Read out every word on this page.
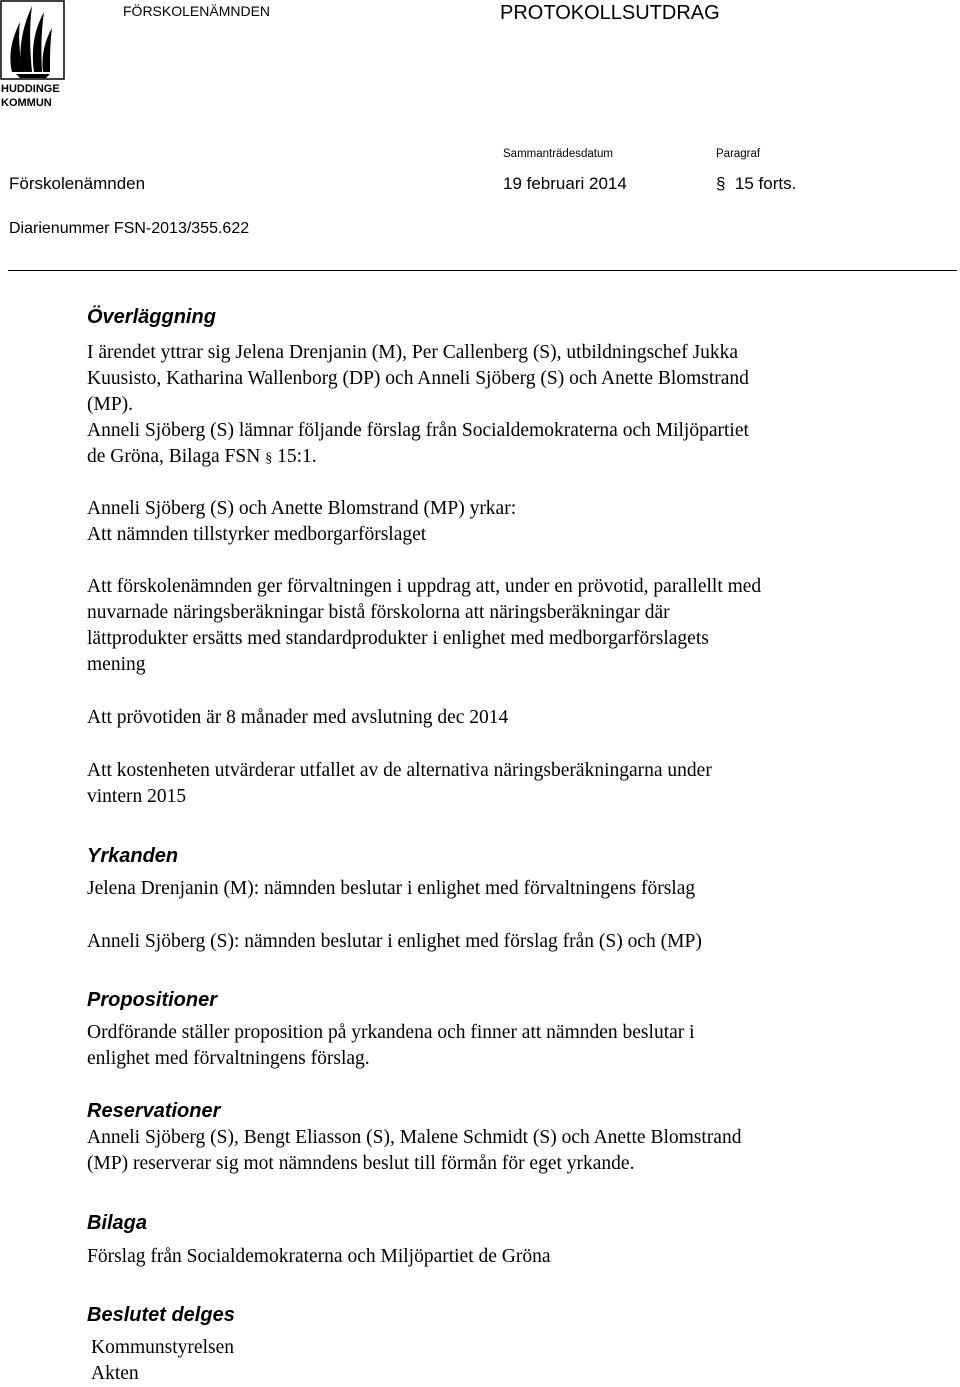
HUDDINGE
KOMMUN
FÖRSKOLENÄMNDEN	PROTOKOLLSUTDRAG
Sammanträdesdatum	Paragraf
Förskolenämnden	19 februari 2014	§ 15 forts.
Diarienummer FSN-2013/355.622
Överläggning
I ärendet yttrar sig Jelena Drenjanin (M), Per Callenberg (S), utbildningschef Jukka
Kuusisto, Katharina Wallenborg (DP) och Anneli Sjöberg (S) och Anette Blomstrand
(MP).
Anneli Sjöberg (S) lämnar följande förslag från Socialdemokraterna och Miljöpartiet
de Gröna, Bilaga FSN § 15:1.
Anneli Sjöberg (S) och Anette Blomstrand (MP) yrkar:
Att nämnden tillstyrker medborgarförslaget
Att förskolenämnden ger förvaltningen i uppdrag att, under en prövotid, parallellt med
nuvarnade näringsberäkningar bistå förskolorna att näringsberäkningar där
lättprodukter ersätts med standardprodukter i enlighet med medborgarförslagets
mening
Att prövotiden är 8 månader med avslutning dec 2014
Att kostenheten utvärderar utfallet av de alternativa näringsberäkningarna under
vintern 2015
Yrkanden
Jelena Drenjanin (M): nämnden beslutar i enlighet med förvaltningens förslag
Anneli Sjöberg (S): nämnden beslutar i enlighet med förslag från (S) och (MP)
Propositioner
Ordförande ställer proposition på yrkandena och finner att nämnden beslutar i
enlighet med förvaltningens förslag.
Reservationer
Anneli Sjöberg (S), Bengt Eliasson (S), Malene Schmidt (S) och Anette Blomstrand
(MP) reserverar sig mot nämndens beslut till förmån för eget yrkande.
Bilaga
Förslag från Socialdemokraterna och Miljöpartiet de Gröna
Beslutet delges
Kommunstyrelsen
Akten
